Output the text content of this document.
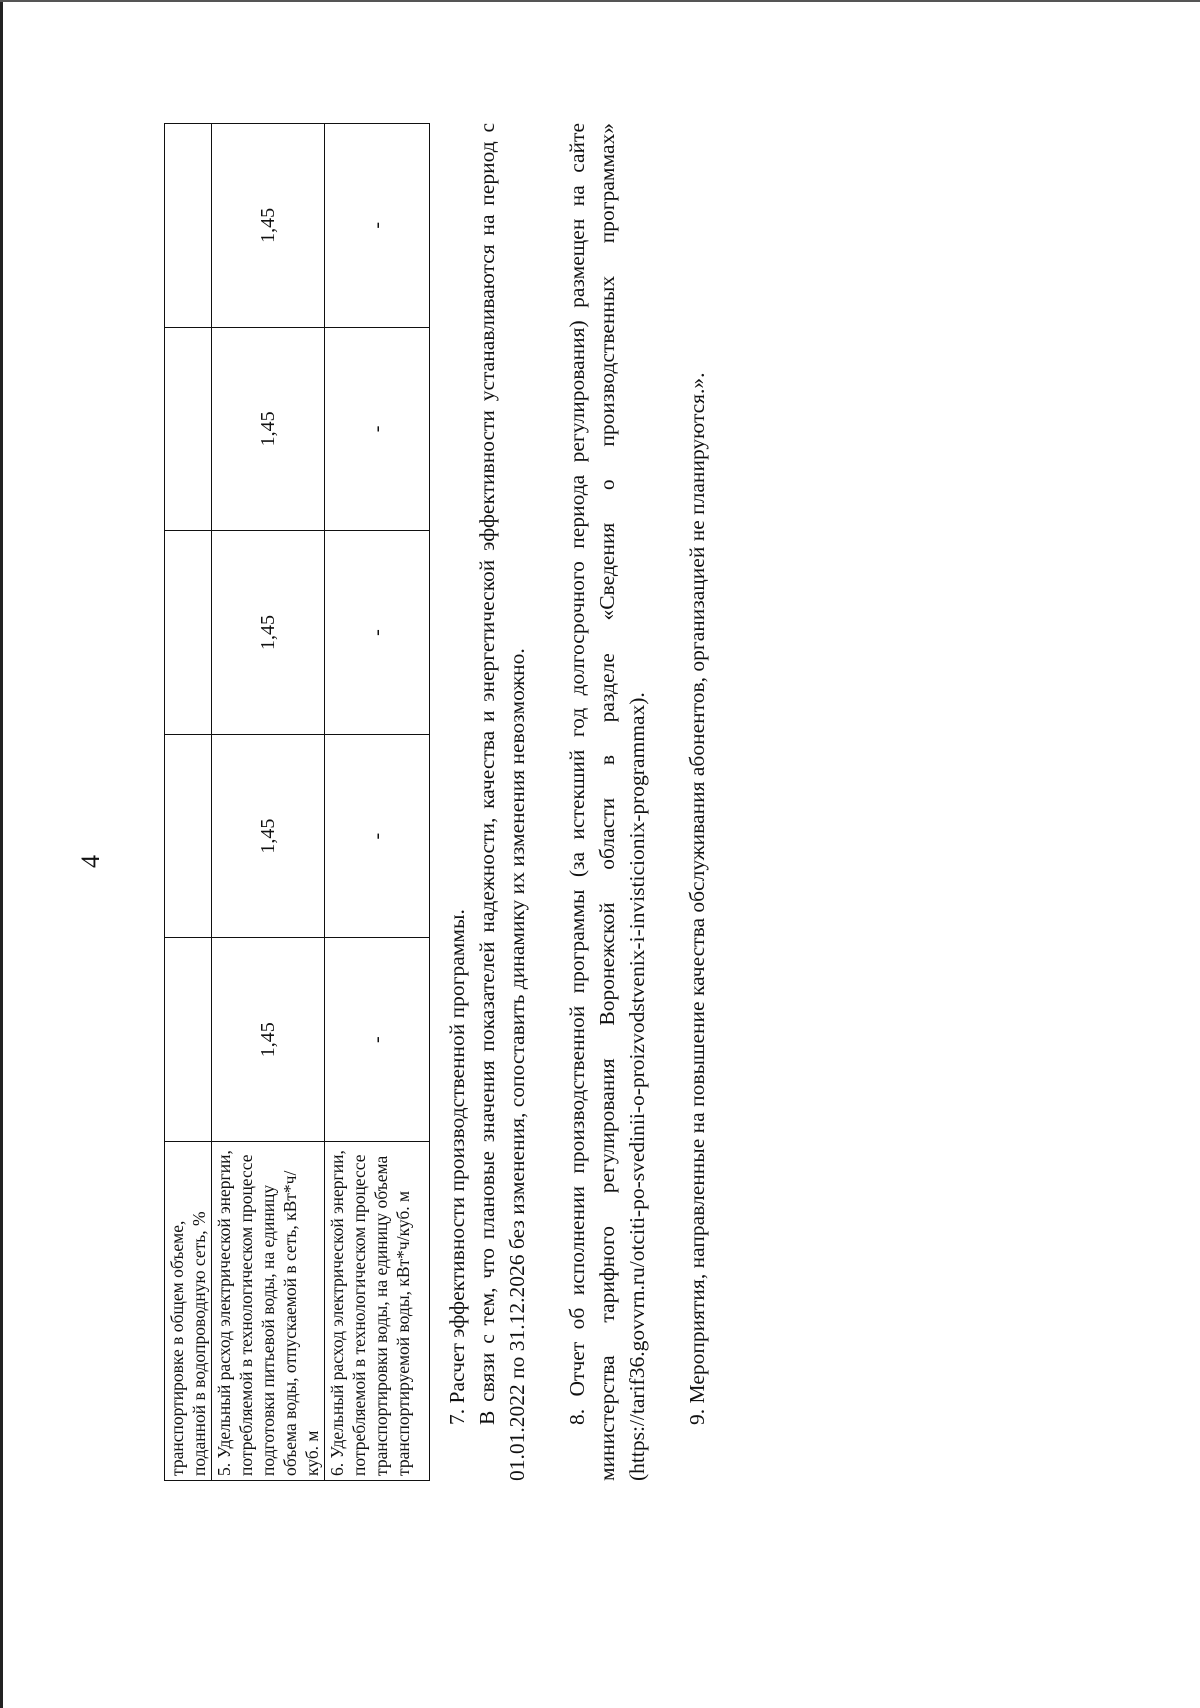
4
транспортировке в общем объеме, поданной в водопроводную сеть, %					
5. Удельный расход электрической энергии, потребляемой в технологическом процессе подготовки питьевой воды, на единицу объема воды, отпускаемой в сеть, кВт*ч/куб. м	1,45	1,45	1,45	1,45	1,45
6. Удельный расход электрической энергии, потребляемой в технологическом процессе транспортировки воды, на единицу объема транспортируемой воды, кВт*ч/куб. м	-	-	-	-	-

7. Расчет эффективности производственной программы. В связи с тем, что плановые значения показателей надежности, качества и энергетической эффективности устанавливаются на период с 01.01.2022 по 31.12.2026 без изменения, сопоставить динамику их изменения невозможно. 8. Отчет об исполнении производственной программы (за истекший год долгосрочного периода регулирования) размещен на сайте министерства тарифного регулирования Воронежской области в разделе «Сведения о производственных программах» (https://tarif36.govvrn.ru/otciti-po-svedinii-o-proizvodstvenix-i-invisticionix-programmax). 9. Мероприятия, направленные на повышение качества обслуживания абонентов, организацией не планируются.».
